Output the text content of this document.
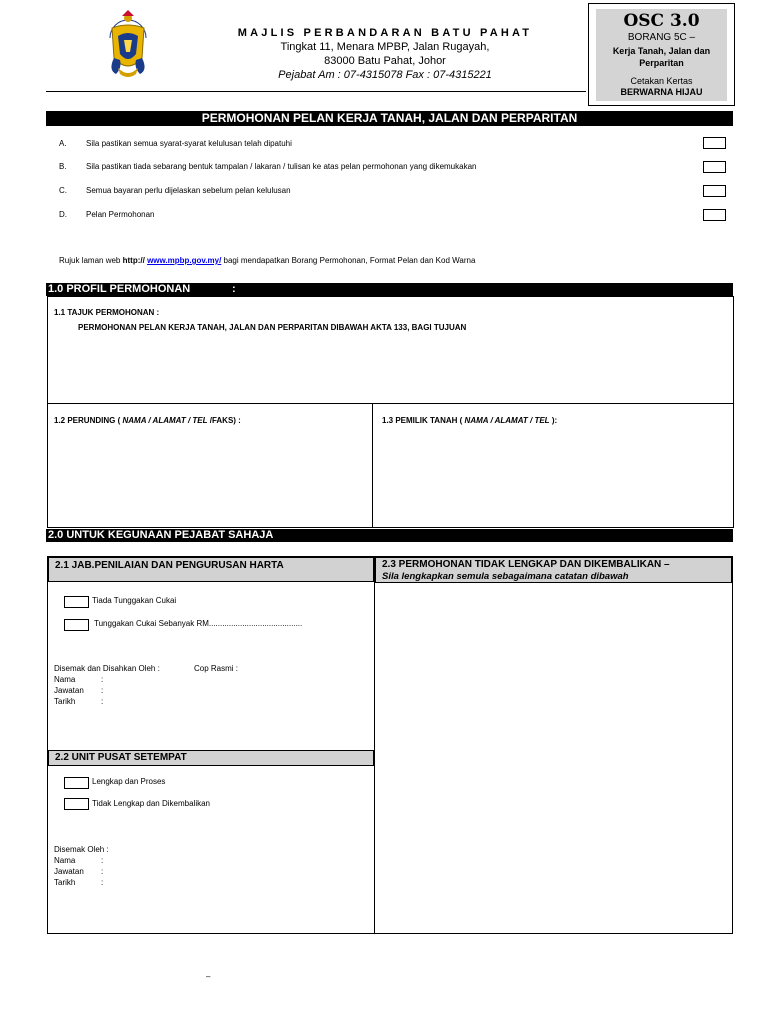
MAJLIS PERBANDARAN BATU PAHAT
Tingkat 11, Menara MPBP, Jalan Rugayah,
83000 Batu Pahat, Johor
Pejabat Am : 07-4315078 Fax : 07-4315221
OSC 3.0
BORANG 5C –
Kerja Tanah, Jalan dan
Perparitan
Cetakan Kertas
BERWARNA HIJAU
PERMOHONAN PELAN KERJA TANAH, JALAN DAN PERPARITAN
A. Sila pastikan semua syarat-syarat kelulusan telah dipatuhi
B. Sila pastikan tiada sebarang bentuk tampalan / lakaran / tulisan ke atas pelan permohonan yang dikemukakan
C. Semua bayaran perlu dijelaskan sebelum pelan kelulusan
D. Pelan Permohonan
Rujuk laman web http:// www.mpbp.gov.my/ bagi mendapatkan Borang Permohonan, Format Pelan dan Kod Warna
1.0 PROFIL PERMOHONAN	:
1.1 TAJUK PERMOHONAN :
PERMOHONAN PELAN KERJA TANAH, JALAN DAN PERPARITAN DIBAWAH AKTA 133, BAGI TUJUAN
1.2 PERUNDING ( NAMA / ALAMAT / TEL /FAKS) :	1.3 PEMILIK TANAH ( NAMA / ALAMAT / TEL ):
2.0 UNTUK KEGUNAAN PEJABAT SAHAJA
2.1 JAB.PENILAIAN DAN PENGURUSAN HARTA	2.3 PERMOHONAN TIDAK LENGKAP DAN DIKEMBALIKAN –
Sila lengkapkan semula sebagaimana catatan dibawah
Tiada Tunggakan Cukai
Tunggakan Cukai Sebanyak RM..........................................
Disemak dan Disahkan Oleh :	Cop Rasmi :
Nama	:
Jawatan :
Tarikh	:
2.2 UNIT PUSAT SETEMPAT
Lengkap dan Proses
Tidak Lengkap dan Dikembalikan
Disemak Oleh :
Nama	:
Jawatan :
Tarikh	:
–
